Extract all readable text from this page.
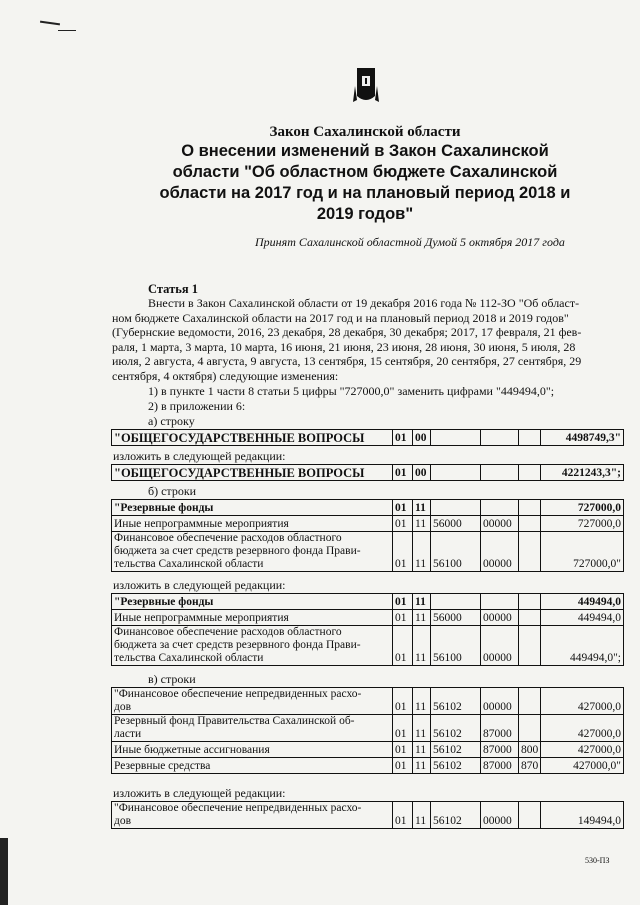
Закон Сахалинской области
О внесении изменений в Закон Сахалинской
области "Об областном бюджете Сахалинской
области на 2017 год и на плановый период 2018 и
2019 годов"
Принят Сахалинской областной Думой 5 октября 2017 года
Статья 1
Внести в Закон Сахалинской области от 19 декабря 2016 года № 112-ЗО "Об област-
ном бюджете Сахалинской области на 2017 год и на плановый период 2018 и 2019 годов"
(Губернские ведомости, 2016, 23 декабря, 28 декабря, 30 декабря; 2017, 17 февраля, 21 фев-
раля, 1 марта, 3 марта, 10 марта, 16 июня, 21 июня, 23 июня, 28 июня, 30 июня, 5 июля, 28
июля, 2 августа, 4 августа, 9 августа, 13 сентября, 15 сентября, 20 сентября, 27 сентября, 29
сентября, 4 октября) следующие изменения:
1) в пункте 1 части 8 статьи 5 цифры "727000,0" заменить цифрами "449494,0";
2) в приложении 6:
а) строку
"ОБЩЕГОСУДАРСТВЕННЫЕ ВОПРОСЫ	01	00				4498749,3"
изложить в следующей редакции:
"ОБЩЕГОСУДАРСТВЕННЫЕ ВОПРОСЫ	01	00				4221243,3";
б) строки
"Резервные фонды	01	11				727000,0
Иные непрограммные мероприятия	01	11	56000	00000		727000,0

Финансовое обеспечение расходов областного
бюджета за счет средств резервного фонда Прави-
тельства Сахалинской области	01	11	56100	00000		727000,0"
изложить в следующей редакции:
"Резервные фонды	01	11				449494,0
Иные непрограммные мероприятия	01	11	56000	00000		449494,0

Финансовое обеспечение расходов областного
бюджета за счет средств резервного фонда Прави-
тельства Сахалинской области	01	11	56100	00000		449494,0";
в) строки
"Финансовое обеспечение непредвиденных расхо-
дов	01	11	56102	00000		427000,0

Резервный фонд Правительства Сахалинской об-
ласти	01	11	56102	87000		427000,0
Иные бюджетные ассигнования	01	11	56102	87000	800	427000,0
Резервные средства	01	11	56102	87000	870	427000,0"
изложить в следующей редакции:
"Финансовое обеспечение непредвиденных расхо-
дов	01	11	56102	00000		149494,0
530-ПЗ
